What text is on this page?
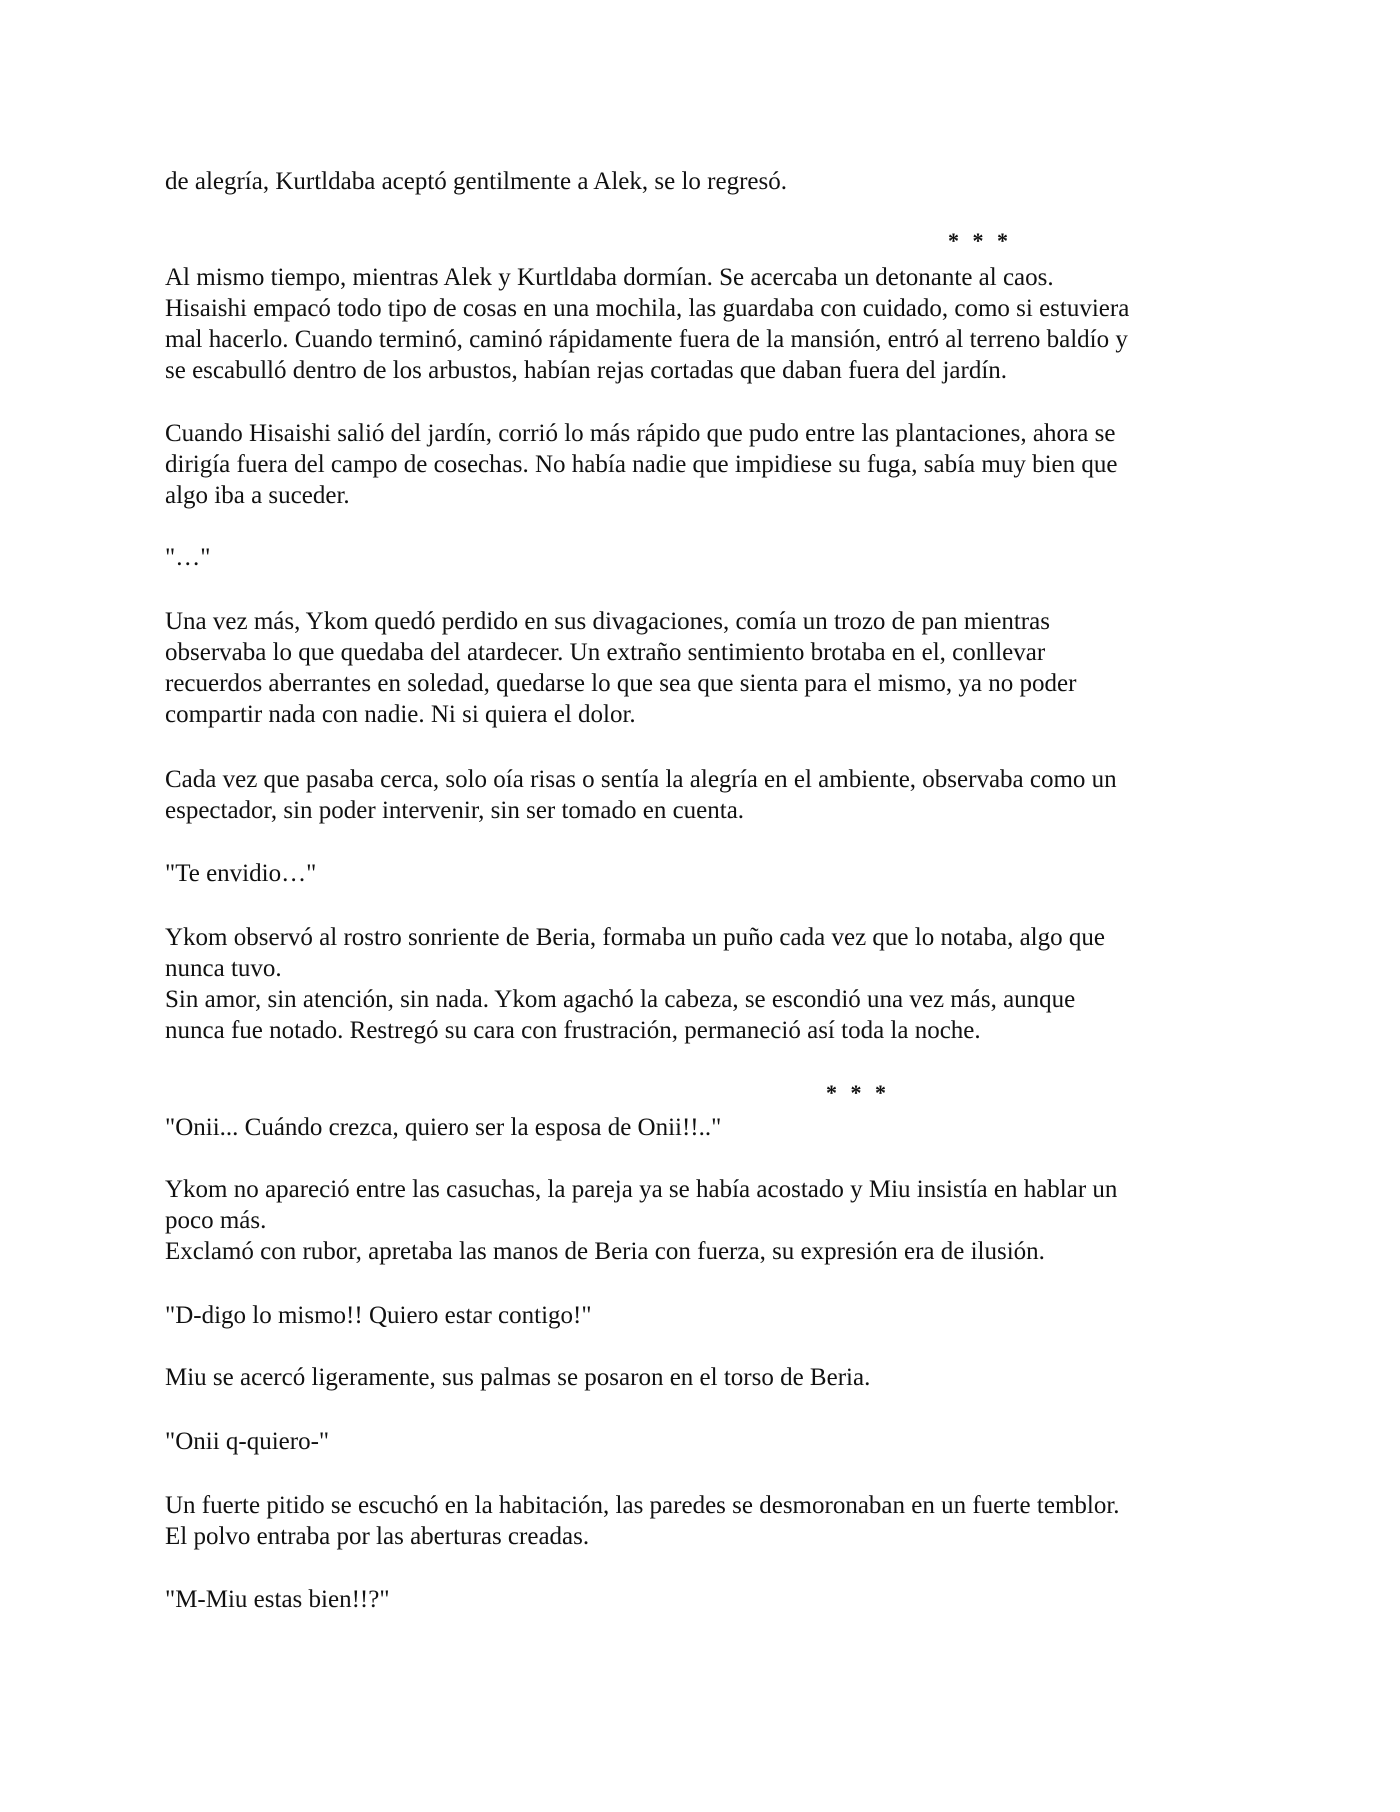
de alegría, Kurtldaba aceptó gentilmente a Alek, se lo regresó.

* * *

Al mismo tiempo, mientras Alek y Kurtldaba dormían. Se acercaba un detonante al caos.
Hisaishi empacó todo tipo de cosas en una mochila, las guardaba con cuidado, como si estuviera
mal hacerlo. Cuando terminó, caminó rápidamente fuera de la mansión, entró al terreno baldío y
se escabulló dentro de los arbustos, habían rejas cortadas que daban fuera del jardín.

Cuando Hisaishi salió del jardín, corrió lo más rápido que pudo entre las plantaciones, ahora se
dirigía fuera del campo de cosechas. No había nadie que impidiese su fuga, sabía muy bien que
algo iba a suceder.

"…"

Una vez más, Ykom quedó perdido en sus divagaciones, comía un trozo de pan mientras
observaba lo que quedaba del atardecer. Un extraño sentimiento brotaba en el, conllevar
recuerdos aberrantes en soledad, quedarse lo que sea que sienta para el mismo, ya no poder
compartir nada con nadie. Ni si quiera el dolor.

Cada vez que pasaba cerca, solo oía risas o sentía la alegría en el ambiente, observaba como un
espectador, sin poder intervenir, sin ser tomado en cuenta.

"Te envidio…"

Ykom observó al rostro sonriente de Beria, formaba un puño cada vez que lo notaba, algo que
nunca tuvo.
Sin amor, sin atención, sin nada. Ykom agachó la cabeza, se escondió una vez más, aunque
nunca fue notado. Restregó su cara con frustración, permaneció así toda la noche.

* * *

"Onii... Cuándo crezca, quiero ser la esposa de Onii!!.."

Ykom no apareció entre las casuchas, la pareja ya se había acostado y Miu insistía en hablar un
poco más.
Exclamó con rubor, apretaba las manos de Beria con fuerza, su expresión era de ilusión.

"D-digo lo mismo!! Quiero estar contigo!"

Miu se acercó ligeramente, sus palmas se posaron en el torso de Beria.

"Onii q-quiero-"

Un fuerte pitido se escuchó en la habitación, las paredes se desmoronaban en un fuerte temblor.
El polvo entraba por las aberturas creadas.

"M-Miu estas bien!!?"
